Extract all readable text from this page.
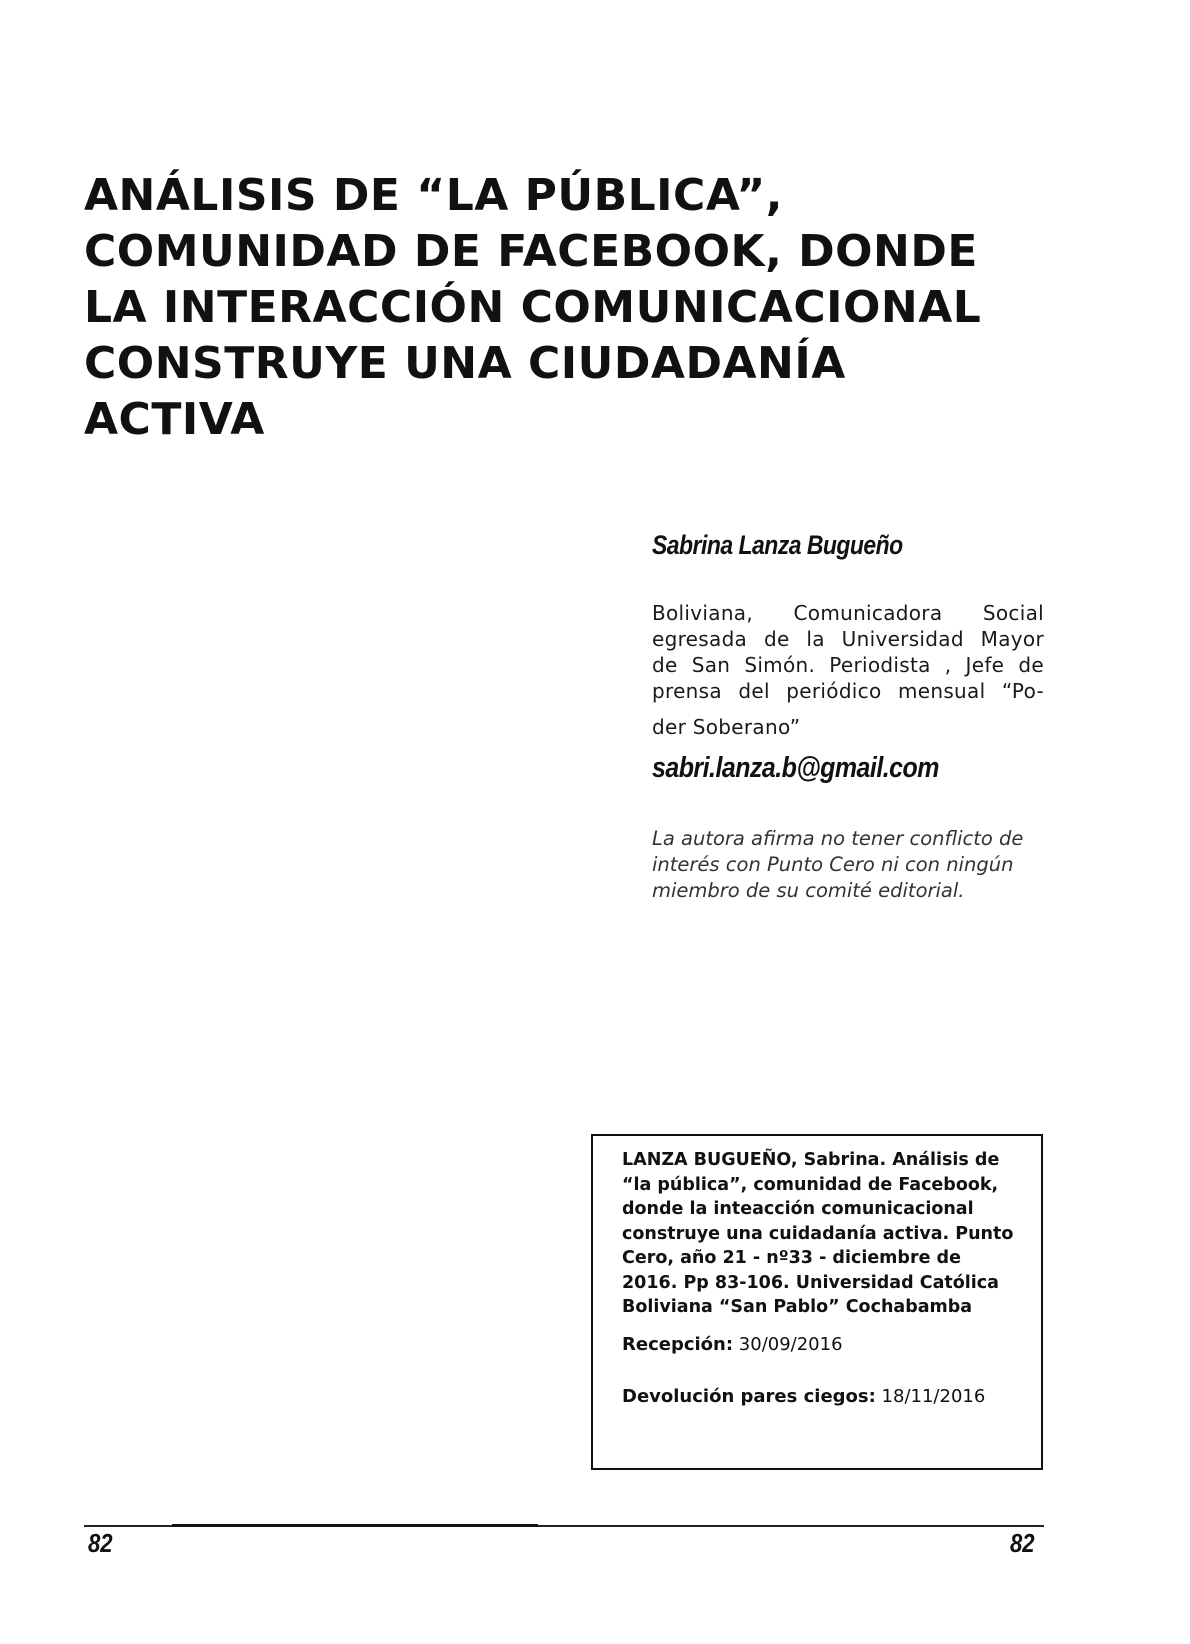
ANÁLISIS DE “LA PÚBLICA”,
COMUNIDAD DE FACEBOOK, DONDE
LA INTERACCIÓN COMUNICACIONAL
CONSTRUYE UNA CIUDADANÍA
ACTIVA
Sabrina Lanza Bugueño
Boliviana, Comunicadora Social
egresada de la Universidad Mayor
de San Simón. Periodista , Jefe de
prensa del periódico mensual “Po-
der Soberano”
sabri.lanza.b@gmail.com
La autora afirma no tener conflicto de
interés con Punto Cero ni con ningún
miembro de su comité editorial.
LANZA BUGUEÑO, Sabrina. Análisis de
“la pública”, comunidad de Facebook,
donde la inteacción comunicacional
construye una cuidadanía activa. Punto
Cero, año 21 - nº33 - diciembre de
2016. Pp 83-106. Universidad Católica
Boliviana “San Pablo” Cochabamba
Recepción: 30/09/2016
Devolución pares ciegos: 18/11/2016
82	82
